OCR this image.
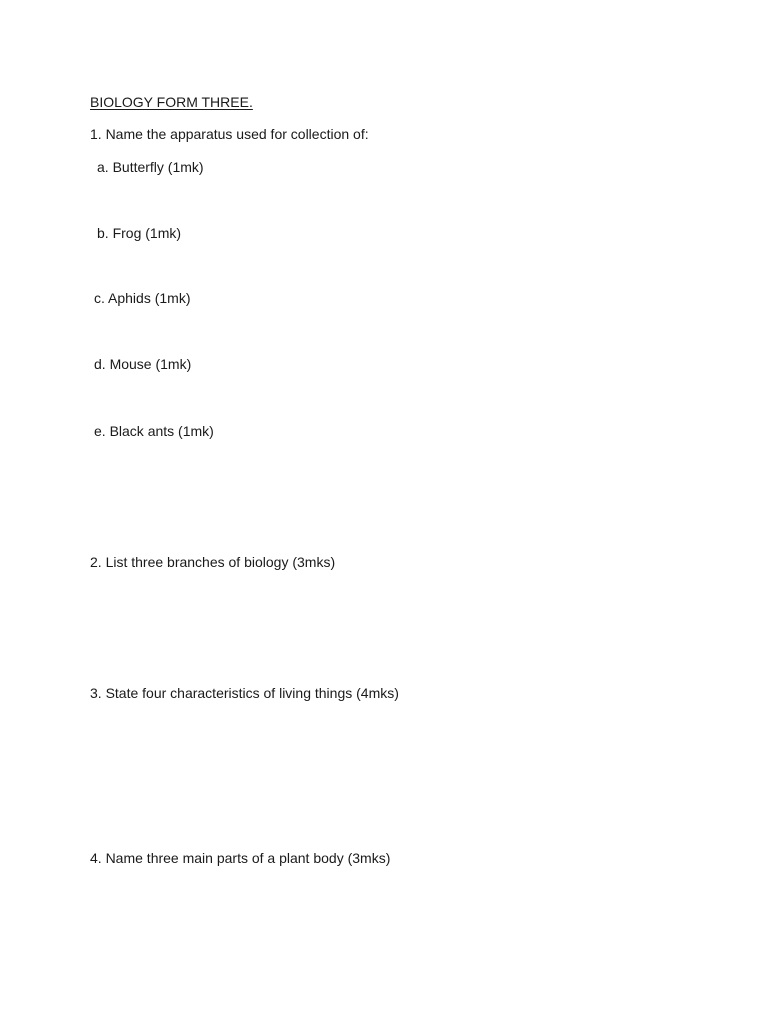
BIOLOGY FORM THREE.
1. Name the apparatus used for collection of:
a. Butterfly (1mk)
b. Frog (1mk)
c. Aphids (1mk)
d. Mouse (1mk)
e. Black ants (1mk)
2. List three branches of biology (3mks)
3. State four characteristics of living things (4mks)
4. Name three main parts of a plant body (3mks)
